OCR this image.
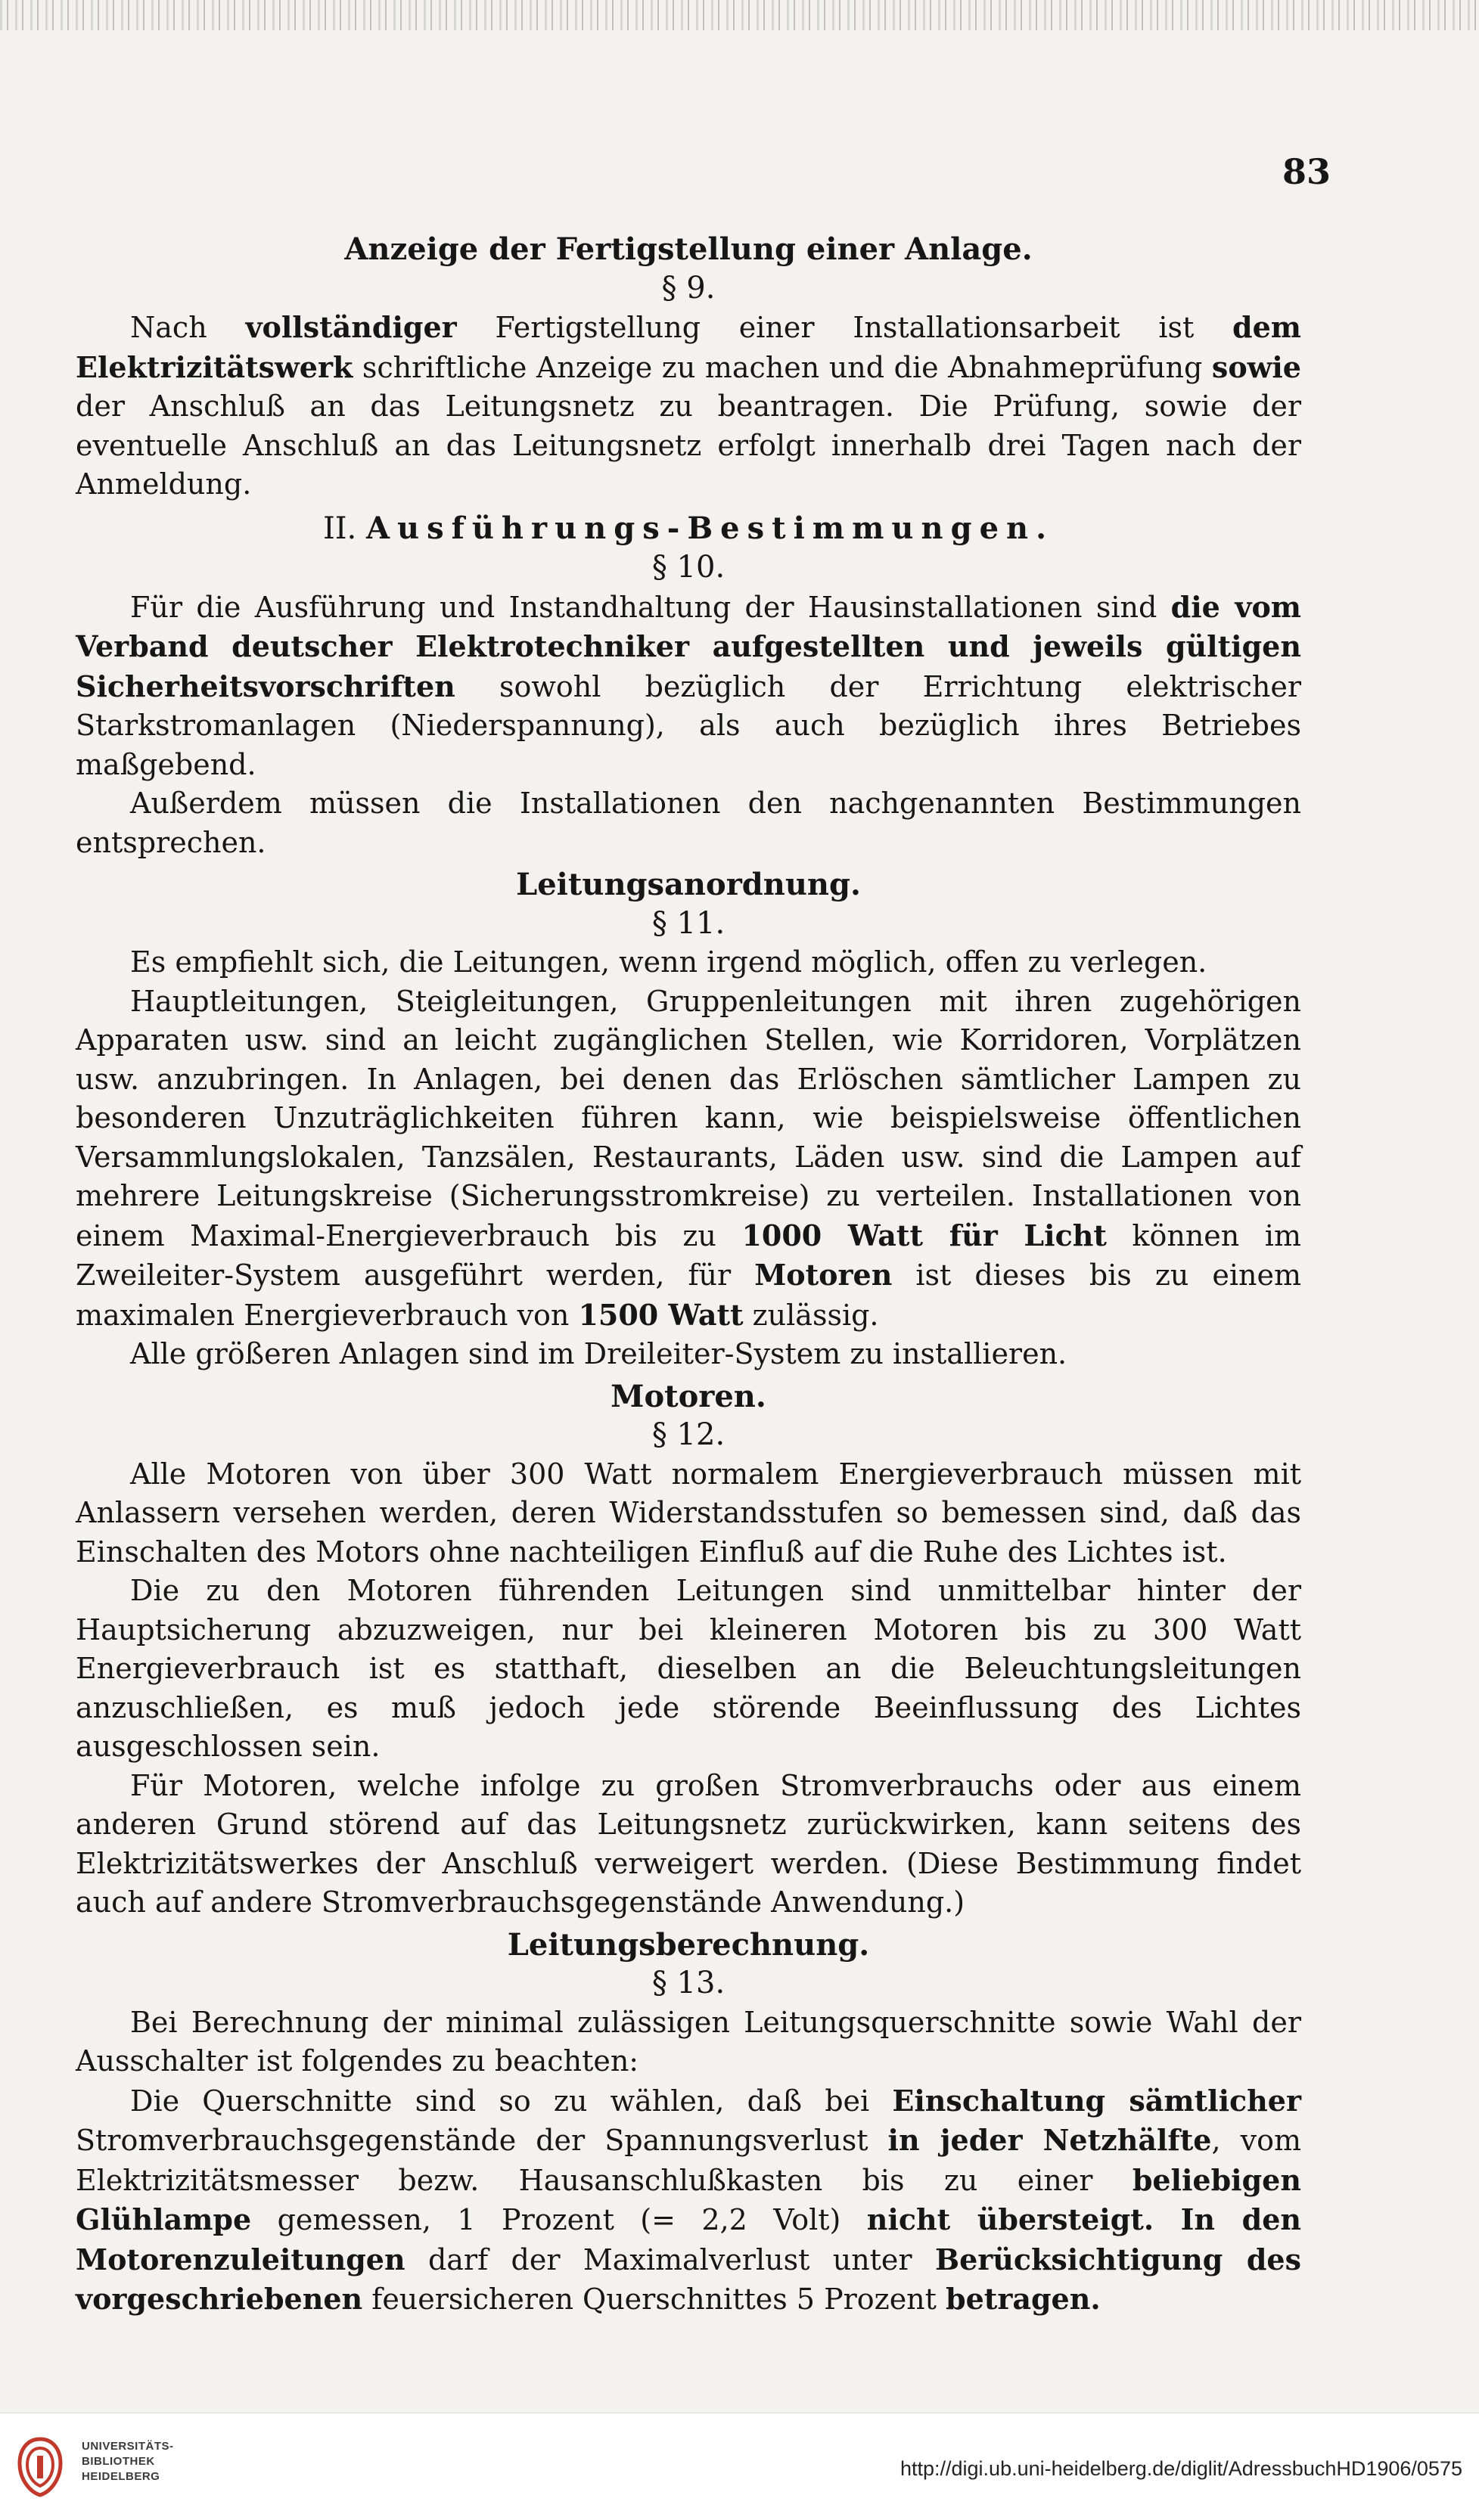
83
Anzeige der Fertigstellung einer Anlage.
§ 9.

Nach vollständiger Fertigstellung einer Installationsarbeit ist dem Elektrizitätswerk schriftliche Anzeige zu machen und die Abnahmeprüfung sowie der Anschluß an das Leitungsnetz zu beantragen. Die Prüfung, sowie der eventuelle Anschluß an das Leitungsnetz erfolgt innerhalb drei Tagen nach der Anmeldung.

II. Ausführungs-Bestimmungen.
§ 10.

Für die Ausführung und Instandhaltung der Hausinstallationen sind die vom Verband deutscher Elektrotechniker aufgestellten und jeweils gültigen Sicherheitsvorschriften sowohl bezüglich der Errichtung elektrischer Starkstromanlagen (Niederspannung), als auch bezüglich ihres Betriebes maßgebend.

Außerdem müssen die Installationen den nachgenannten Bestimmungen entsprechen.

Leitungsanordnung.
§ 11.

Es empfiehlt sich, die Leitungen, wenn irgend möglich, offen zu verlegen.

Hauptleitungen, Steigleitungen, Gruppenleitungen mit ihren zugehörigen Apparaten usw. sind an leicht zugänglichen Stellen, wie Korridoren, Vorplätzen usw. anzubringen. In Anlagen, bei denen das Erlöschen sämtlicher Lampen zu besonderen Unzuträglichkeiten führen kann, wie beispielsweise öffentlichen Versammlungslokalen, Tanzsälen, Restaurants, Läden usw. sind die Lampen auf mehrere Leitungskreise (Sicherungsstromkreise) zu verteilen. Installationen von einem Maximal-Energieverbrauch bis zu 1000 Watt für Licht können im Zweileiter-System ausgeführt werden, für Motoren ist dieses bis zu einem maximalen Energieverbrauch von 1500 Watt zulässig.

Alle größeren Anlagen sind im Dreileiter-System zu installieren.

Motoren.
§ 12.

Alle Motoren von über 300 Watt normalem Energieverbrauch müssen mit Anlassern versehen werden, deren Widerstandsstufen so bemessen sind, daß das Einschalten des Motors ohne nachteiligen Einfluß auf die Ruhe des Lichtes ist.

Die zu den Motoren führenden Leitungen sind unmittelbar hinter der Hauptsicherung abzuzweigen, nur bei kleineren Motoren bis zu 300 Watt Energieverbrauch ist es statthaft, dieselben an die Beleuchtungsleitungen anzuschließen, es muß jedoch jede störende Beeinflussung des Lichtes ausgeschlossen sein.

Für Motoren, welche infolge zu großen Stromverbrauchs oder aus einem anderen Grund störend auf das Leitungsnetz zurückwirken, kann seitens des Elektrizitätswerkes der Anschluß verweigert werden. (Diese Bestimmung findet auch auf andere Stromverbrauchsgegenstände Anwendung.)

Leitungsberechnung.
§ 13.

Bei Berechnung der minimal zulässigen Leitungsquerschnitte sowie Wahl der Ausschalter ist folgendes zu beachten:

Die Querschnitte sind so zu wählen, daß bei Einschaltung sämtlicher Stromverbrauchsgegenstände der Spannungsverlust in jeder Netzhälfte, vom Elektrizitätsmesser bezw. Hausanschlußkasten bis zu einer beliebigen Glühlampe gemessen, 1 Prozent (= 2,2 Volt) nicht übersteigt. In den Motorenzuleitungen darf der Maximalverlust unter Berücksichtigung des vorgeschriebenen feuersicheren Querschnittes 5 Prozent betragen.

UNIVERSITÄTS-
BIBLIOTHEK
HEIDELBERG	http://digi.ub.uni-heidelberg.de/diglit/AdressbuchHD1906/0575
